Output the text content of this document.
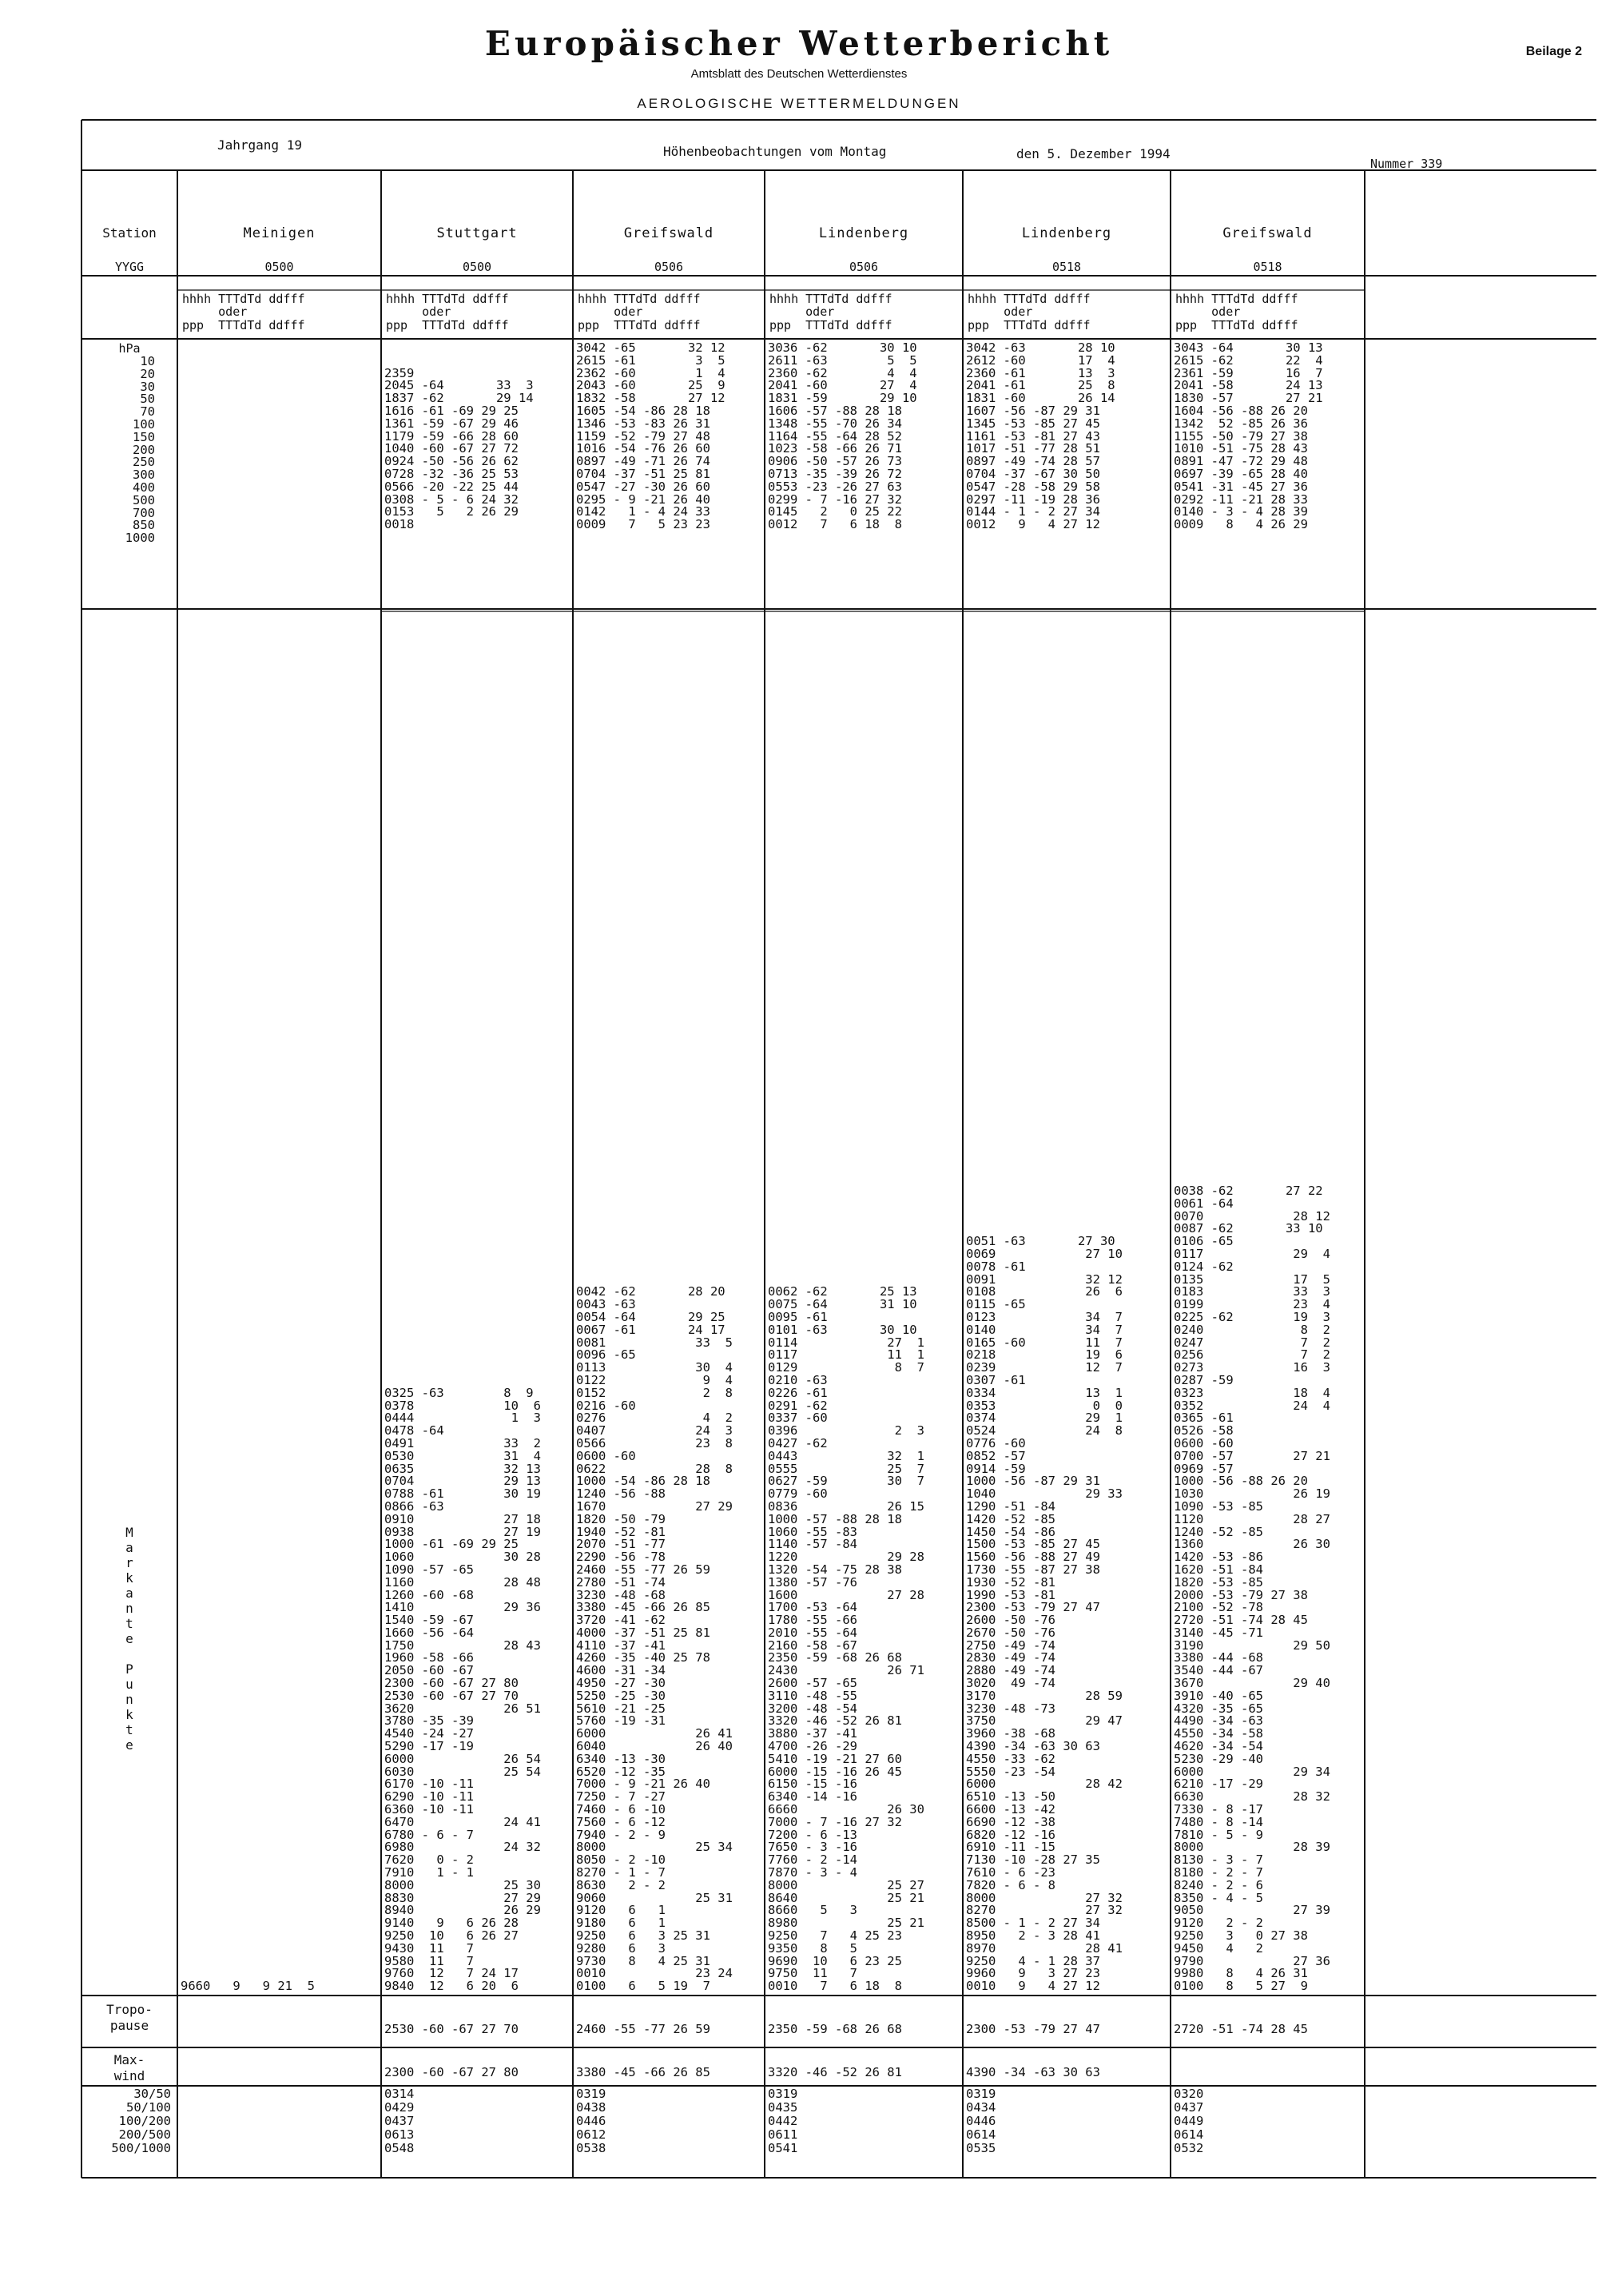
Europäischer Wetterbericht
Amtsblatt des Deutschen Wetterdienstes
AEROLOGISCHE WETTERMELDUNGEN
Beilage 2
Jahrgang 19	Höhenbeobachtungen vom Montag	den 5. Dezember 1994
Nummer 339
Station
YYGG
hPa
10
20
30
50
70
100
150
200
250
300
400
500
700
850
1000
M
a
r
k
a
n
t
e

P
u
n
k
t
e
Tropo-
pause
Max-
wind
30/50
50/100
100/200
200/500
500/1000
Meinigen
0500
hhhh TTTdTd ddfff
oder
ppp  TTTdTd ddfff
9660   9   9 21  5
Stuttgart
0500
hhhh TTTdTd ddfff
oder
ppp  TTTdTd ddfff

2359
2045 -64       33  3
1837 -62       29 14
1616 -61 -69 29 25
1361 -59 -67 29 46
1179 -59 -66 28 60
1040 -60 -67 27 72
0924 -50 -56 26 62
0728 -32 -36 25 53
0566 -20 -22 25 44
0308 - 5 - 6 24 32
0153   5   2 26 29
0018
0325 -63        8  9
0378            10  6
0444             1  3
0478 -64
0491            33  2
0530            31  4
0635            32 13
0704            29 13
0788 -61        30 19
0866 -63
0910            27 18
0938            27 19
1000 -61 -69 29 25
1060            30 28
1090 -57 -65
1160            28 48
1260 -60 -68
1410            29 36
1540 -59 -67
1660 -56 -64
1750            28 43
1960 -58 -66
2050 -60 -67
2300 -60 -67 27 80
2530 -60 -67 27 70
3620            26 51
3780 -35 -39
4540 -24 -27
5290 -17 -19
6000            26 54
6030            25 54
6170 -10 -11
6290 -10 -11
6360 -10 -11
6470            24 41
6780 - 6 - 7
6980            24 32
7620   0 - 2
7910   1 - 1
8000            25 30
8830            27 29
8940            26 29
9140   9   6 26 28
9250  10   6 26 27
9430  11   7
9580  11   7
9760  12   7 24 17
9840  12   6 20  6
2530 -60 -67 27 70
2300 -60 -67 27 80
0314
0429
0437
0613
0548
Greifswald
0506
hhhh TTTdTd ddfff
oder
ppp  TTTdTd ddfff
3042 -65       32 12
2615 -61        3  5
2362 -60        1  4
2043 -60       25  9
1832 -58       27 12
1605 -54 -86 28 18
1346 -53 -83 26 31
1159 -52 -79 27 48
1016 -54 -76 26 60
0897 -49 -71 26 74
0704 -37 -51 25 81
0547 -27 -30 26 60
0295 - 9 -21 26 40
0142   1 - 4 24 33
0009   7   5 23 23
0042 -62       28 20
0043 -63
0054 -64       29 25
0067 -61       24 17
0081            33  5
0096 -65
0113            30  4
0122             9  4
0152             2  8
0216 -60
0276             4  2
0407            24  3
0566            23  8
0600 -60
0622            28  8
1000 -54 -86 28 18
1240 -56 -88
1670            27 29
1820 -50 -79
1940 -52 -81
2070 -51 -77
2290 -56 -78
2460 -55 -77 26 59
2780 -51 -74
3230 -48 -68
3380 -45 -66 26 85
3720 -41 -62
4000 -37 -51 25 81
4110 -37 -41
4260 -35 -40 25 78
4600 -31 -34
4950 -27 -30
5250 -25 -30
5610 -21 -25
5760 -19 -31
6000            26 41
6040            26 40
6340 -13 -30
6520 -12 -35
7000 - 9 -21 26 40
7250 - 7 -27
7460 - 6 -10
7560 - 6 -12
7940 - 2 - 9
8000            25 34
8050 - 2 -10
8270 - 1 - 7
8630   2 - 2
9060            25 31
9120   6   1
9180   6   1
9250   6   3 25 31
9280   6   3
9730   8   4 25 31
0010            23 24
0100   6   5 19  7
2460 -55 -77 26 59
3380 -45 -66 26 85
0319
0438
0446
0612
0538
Lindenberg
0506
hhhh TTTdTd ddfff
oder
ppp  TTTdTd ddfff
3036 -62       30 10
2611 -63        5  5
2360 -62        4  4
2041 -60       27  4
1831 -59       29 10
1606 -57 -88 28 18
1348 -55 -70 26 34
1164 -55 -64 28 52
1023 -58 -66 26 71
0906 -50 -57 26 73
0713 -35 -39 26 72
0553 -23 -26 27 63
0299 - 7 -16 27 32
0145   2   0 25 22
0012   7   6 18  8
0062 -62       25 13
0075 -64       31 10
0095 -61
0101 -63       30 10
0114            27  1
0117            11  1
0129             8  7
0210 -63
0226 -61
0291 -62
0337 -60
0396             2  3
0427 -62
0443            32  1
0555            25  7
0627 -59        30  7
0779 -60
0836            26 15
1000 -57 -88 28 18
1060 -55 -83
1140 -57 -84
1220            29 28
1320 -54 -75 28 38
1380 -57 -76
1600            27 28
1700 -53 -64
1780 -55 -66
2010 -55 -64
2160 -58 -67
2350 -59 -68 26 68
2430            26 71
2600 -57 -65
3110 -48 -55
3200 -48 -54
3320 -46 -52 26 81
3880 -37 -41
4700 -26 -29
5410 -19 -21 27 60
6000 -15 -16 26 45
6150 -15 -16
6340 -14 -16
6660            26 30
7000 - 7 -16 27 32
7200 - 6 -13
7650 - 3 -16
7760 - 2 -14
7870 - 3 - 4
8000            25 27
8640            25 21
8660   5   3
8980            25 21
9250   7   4 25 23
9350   8   5
9690  10   6 23 25
9750  11   7
0010   7   6 18  8
2350 -59 -68 26 68
3320 -46 -52 26 81
0319
0435
0442
0611
0541
Lindenberg
0518
hhhh TTTdTd ddfff
oder
ppp  TTTdTd ddfff
3042 -63       28 10
2612 -60       17  4
2360 -61       13  3
2041 -61       25  8
1831 -60       26 14
1607 -56 -87 29 31
1345 -53 -85 27 45
1161 -53 -81 27 43
1017 -51 -77 28 51
0897 -49 -74 28 57
0704 -37 -67 30 50
0547 -28 -58 29 58
0297 -11 -19 28 36
0144 - 1 - 2 27 34
0012   9   4 27 12
0051 -63       27 30
0069            27 10
0078 -61
0091            32 12
0108            26  6
0115 -65
0123            34  7
0140            34  7
0165 -60        11  7
0218            19  6
0239            12  7
0307 -61
0334            13  1
0353             0  0
0374            29  1
0524            24  8
0776 -60
0852 -57
0914 -59
1000 -56 -87 29 31
1040            29 33
1290 -51 -84
1420 -52 -85
1450 -54 -86
1500 -53 -85 27 45
1560 -56 -88 27 49
1730 -55 -87 27 38
1930 -52 -81
1990 -53 -81
2300 -53 -79 27 47
2600 -50 -76
2670 -50 -76
2750 -49 -74
2830 -49 -74
2880 -49 -74
3020  49 -74
3170            28 59
3230 -48 -73
3750            29 47
3960 -38 -68
4390 -34 -63 30 63
4550 -33 -62
5550 -23 -54
6000            28 42
6510 -13 -50
6600 -13 -42
6690 -12 -38
6820 -12 -16
6910 -11 -15
7130 -10 -28 27 35
7610 - 6 -23
7820 - 6 - 8
8000            27 32
8270            27 32
8500 - 1 - 2 27 34
8950   2 - 3 28 41
8970            28 41
9250   4 - 1 28 37
9960   9   3 27 23
0010   9   4 27 12
2300 -53 -79 27 47
4390 -34 -63 30 63
0319
0434
0446
0614
0535
Greifswald
0518
hhhh TTTdTd ddfff
oder
ppp  TTTdTd ddfff
3043 -64       30 13
2615 -62       22  4
2361 -59       16  7
2041 -58       24 13
1830 -57       27 21
1604 -56 -88 26 20
1342  52 -85 26 36
1155 -50 -79 27 38
1010 -51 -75 28 43
0891 -47 -72 29 48
0697 -39 -65 28 40
0541 -31 -45 27 36
0292 -11 -21 28 33
0140 - 3 - 4 28 39
0009   8   4 26 29
0038 -62       27 22
0061 -64
0070            28 12
0087 -62       33 10
0106 -65
0117            29  4
0124 -62
0135            17  5
0183            33  3
0199            23  4
0225 -62        19  3
0240             8  2
0247             7  2
0256             7  2
0273            16  3
0287 -59
0323            18  4
0352            24  4
0365 -61
0526 -58
0600 -60
0700 -57        27 21
0969 -57
1000 -56 -88 26 20
1030            26 19
1090 -53 -85
1120            28 27
1240 -52 -85
1360            26 30
1420 -53 -86
1620 -51 -84
1820 -53 -85
2000 -53 -79 27 38
2100 -52 -78
2720 -51 -74 28 45
3140 -45 -71
3190            29 50
3380 -44 -68
3540 -44 -67
3670            29 40
3910 -40 -65
4320 -35 -65
4490 -34 -63
4550 -34 -58
4620 -34 -54
5230 -29 -40
6000            29 34
6210 -17 -29
6630            28 32
7330 - 8 -17
7480 - 8 -14
7810 - 5 - 9
8000            28 39
8130 - 3 - 7
8180 - 2 - 7
8240 - 2 - 6
8350 - 4 - 5
9050            27 39
9120   2 - 2
9250   3   0 27 38
9450   4   2
9790            27 36
9980   8   4 26 31
0100   8   5 27  9
2720 -51 -74 28 45
0320
0437
0449
0614
0532
